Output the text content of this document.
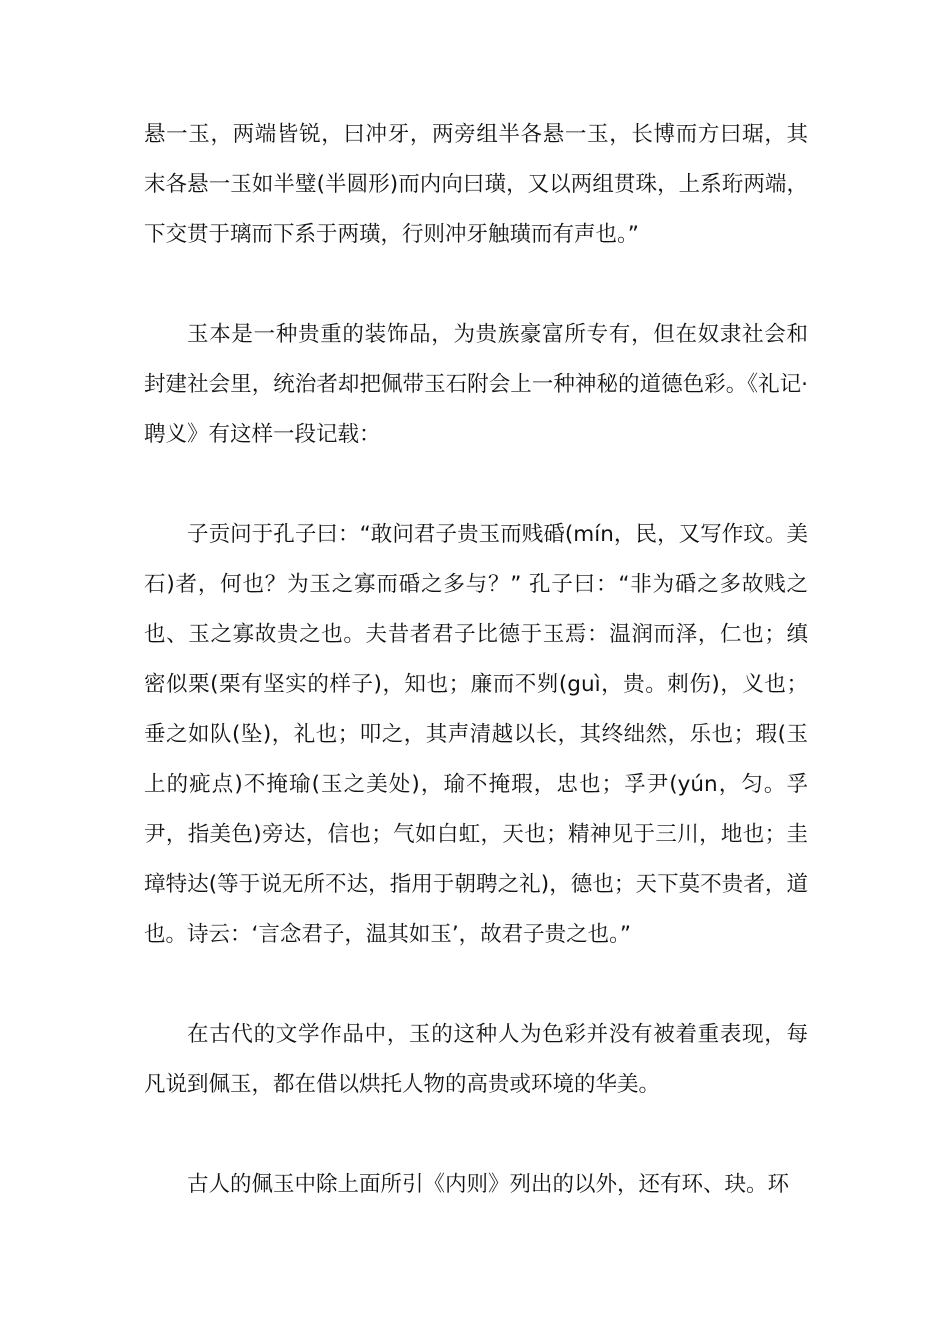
悬一玉，两端皆锐，曰冲牙，两旁组半各悬一玉，长博而方曰琚，其末各悬一玉如半璧(半圆形)而内向曰璜，又以两组贯珠，上系珩两端，下交贯于璃而下系于两璜，行则冲牙触璜而有声也。”

玉本是一种贵重的装饰品，为贵族豪富所专有，但在奴隶社会和封建社会里，统治者却把佩带玉石附会上一种神秘的道德色彩。《礼记·聘义》有这样一段记载：

子贡问于孔子曰：“敢问君子贵玉而贱碈(mín，民，又写作玟。美石)者，何也？为玉之寡而碈之多与？” 孔子曰：“非为碈之多故贱之也、玉之寡故贵之也。夫昔者君子比德于玉焉：温润而泽，仁也；缜密似栗(栗有坚实的样子)，知也；廉而不刿(guì，贵。刺伤)，义也；垂之如队(坠)，礼也；叩之，其声清越以长，其终绌然，乐也；瑕(玉上的疵点)不掩瑜(玉之美处)，瑜不掩瑕，忠也；孚尹(yún，匀。孚尹，指美色)旁达，信也；气如白虹，天也；精神见于三川，地也；圭璋特达(等于说无所不达，指用于朝聘之礼)，德也；天下莫不贵者，道也。诗云：‘言念君子，温其如玉’，故君子贵之也。”

在古代的文学作品中，玉的这种人为色彩并没有被着重表现，每凡说到佩玉，都在借以烘托人物的高贵或环境的华美。

古人的佩玉中除上面所引《内则》列出的以外，还有环、玦。环
